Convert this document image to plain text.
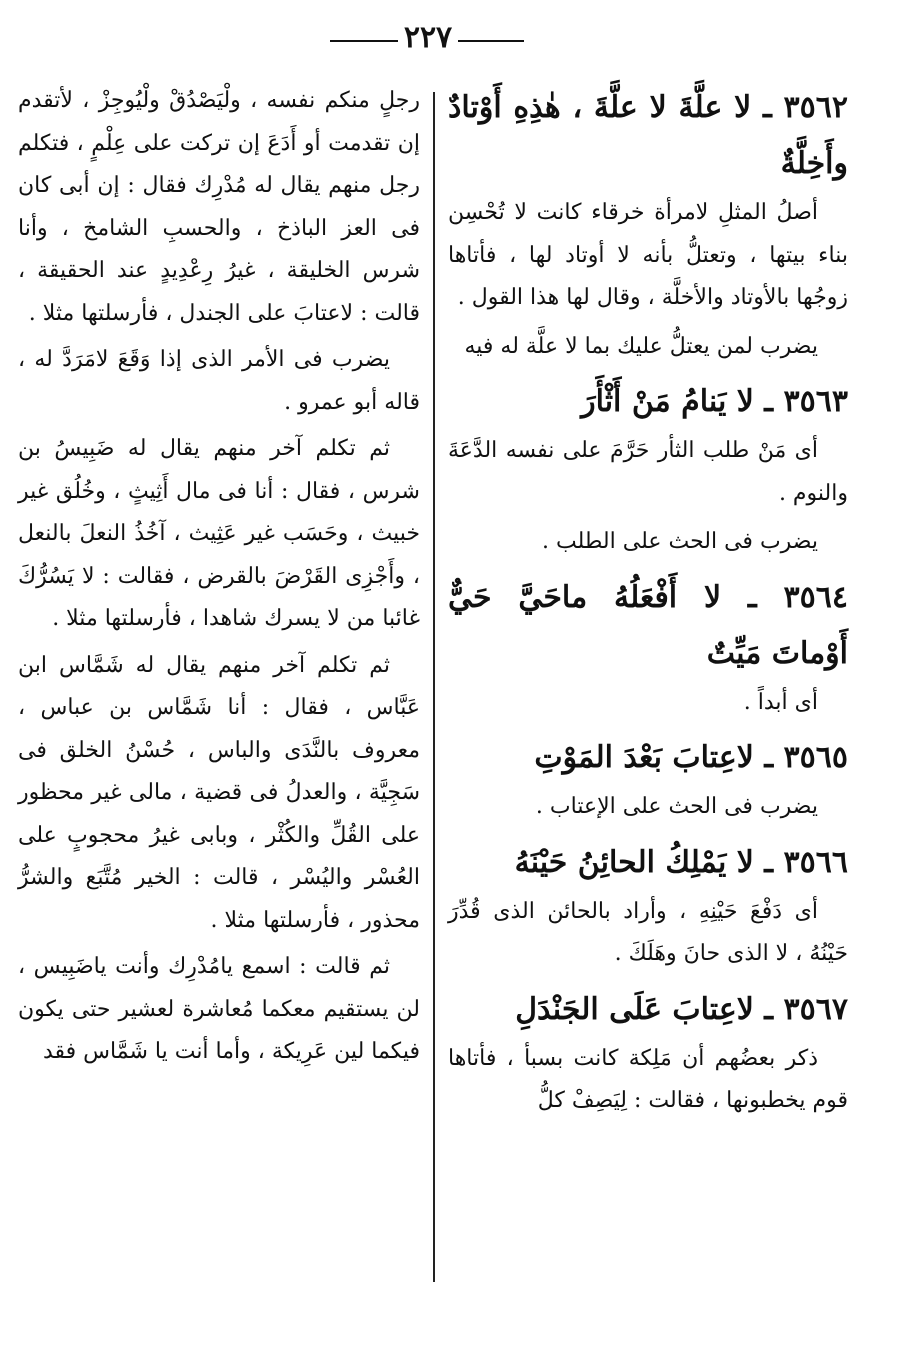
٢٢٧

٣٥٦٢ ـ لا علَّةَ لا علَّةَ ، هٰذِهِ أَوْتادٌ وأَخِلَّةٌ

أصلُ المثلِ لامرأة خرقاء كانت لا تُحْسِن بناء بيتها ، وتعتلُّ بأنه لا أوتاد لها ، فأتاها زوجُها بالأوتاد والأخلَّة ، وقال لها هذا القول .

يضرب لمن يعتلُّ عليك بما لا علَّة له فيه

٣٥٦٣ ـ لا يَنامُ مَنْ أَثْأَرَ

أى مَنْ طلب الثأر حَرَّمَ على نفسه الدَّعَةَ والنوم .

يضرب فى الحث على الطلب .

٣٥٦٤ ـ لا أَفْعَلُهُ ماحَيَّ حَيٌّ أَوْماتَ مَيِّتٌ

أى أبداً .

٣٥٦٥ ـ لاعِتابَ بَعْدَ المَوْتِ

يضرب فى الحث على الإعتاب .

٣٥٦٦ ـ لا يَمْلِكُ الحائِنُ حَيْنَهُ

أى دَفْعَ حَيْنِهِ ، وأراد بالحائن الذى قُدِّرَ حَيْنُهُ ، لا الذى حانَ وهَلَكَ .

٣٥٦٧ ـ لاعِتابَ عَلَى الجَنْدَلِ

ذكر بعضُهم أن مَلِكة كانت بسبأ ، فأتاها قوم يخطبونها ، فقالت : لِيَصِفْ كلُّ

رجلٍ منكم نفسه ، ولْيَصْدُقْ ولْيُوجِزْ ، لأتقدم إن تقدمت أو أَدَعَ إن تركت على عِلْمٍ ، فتكلم رجل منهم يقال له مُدْرِك فقال : إن أبى كان فى العز الباذخ ، والحسبِ الشامخ ، وأنا شرس الخليقة ، غيرُ رِعْدِيدٍ عند الحقيقة ، قالت : لاعتابَ على الجندل ، فأرسلتها مثلا .

يضرب فى الأمر الذى إذا وَقَعَ لامَرَدَّ له ، قاله أبو عمرو .

ثم تكلم آخر منهم يقال له ضَبِيسُ بن شرس ، فقال : أنا فى مال أَثِيثٍ ، وخُلُق غير خبيث ، وحَسَب غير عَثِيث ، آخُذُ النعلَ بالنعل ، وأَجْزِى القَرْضَ بالقرض ، فقالت : لا يَسُرُّكَ غائبا من لا يسرك شاهدا ، فأرسلتها مثلا .

ثم تكلم آخر منهم يقال له شَمَّاس ابن عَبَّاس ، فقال : أنا شَمَّاس بن عباس ، معروف بالنَّدَى والباس ، حُسْنُ الخلق فى سَجِيَّة ، والعدلُ فى قضية ، مالى غير محظور على القُلِّ والكُثْر ، وبابى غيرُ محجوبٍ على العُسْر واليُسْر ، قالت : الخير مُتَّبَع والشرُّ محذور ، فأرسلتها مثلا .

ثم قالت : اسمع يامُدْرِك وأنت ياضَبِيس ، لن يستقيم معكما مُعاشرة لعشير حتى يكون فيكما لين عَرِيكة ، وأما أنت يا شَمَّاس فقد
